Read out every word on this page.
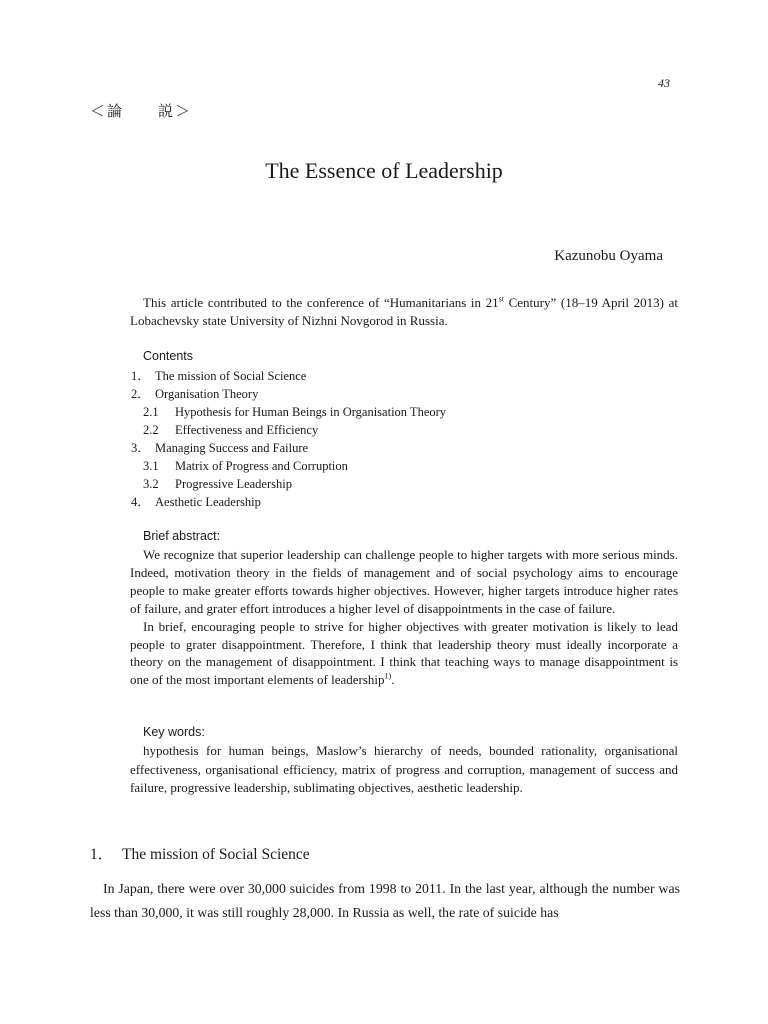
43
＜論　　説＞
The Essence of Leadership
Kazunobu Oyama

This article contributed to the conference of “Humanitarians in 21st Century” (18–19 April 2013) at Lobachevsky state University of Nizhni Novgorod in Russia.

Contents
1． The mission of Social Science
2． Organisation Theory
2.1 Hypothesis for Human Beings in Organisation Theory
2.2 Effectiveness and Efficiency
3． Managing Success and Failure
3.1 Matrix of Progress and Corruption
3.2 Progressive Leadership
4． Aesthetic Leadership
Brief abstract:

We recognize that superior leadership can challenge people to higher targets with more serious minds. Indeed, motivation theory in the fields of management and of social psychology aims to encourage people to make greater efforts towards higher objectives. However, higher targets introduce higher rates of failure, and grater effort introduces a higher level of disappointments in the case of failure.

In brief, encouraging people to strive for higher objectives with greater motivation is likely to lead people to grater disappointment. Therefore, I think that leadership theory must ideally incorporate a theory on the management of disappointment. I think that teaching ways to manage disappointment is one of the most important elements of leadership$^{1)}$.

Key words:

hypothesis for human beings, Maslow’s hierarchy of needs, bounded rationality, organisational effectiveness, organisational efficiency, matrix of progress and corruption, management of success and failure, progressive leadership, sublimating objectives, aesthetic leadership.

1． The mission of Social Science

In Japan, there were over 30,000 suicides from 1998 to 2011. In the last year, although the number was less than 30,000, it was still roughly 28,000. In Russia as well, the rate of suicide has
